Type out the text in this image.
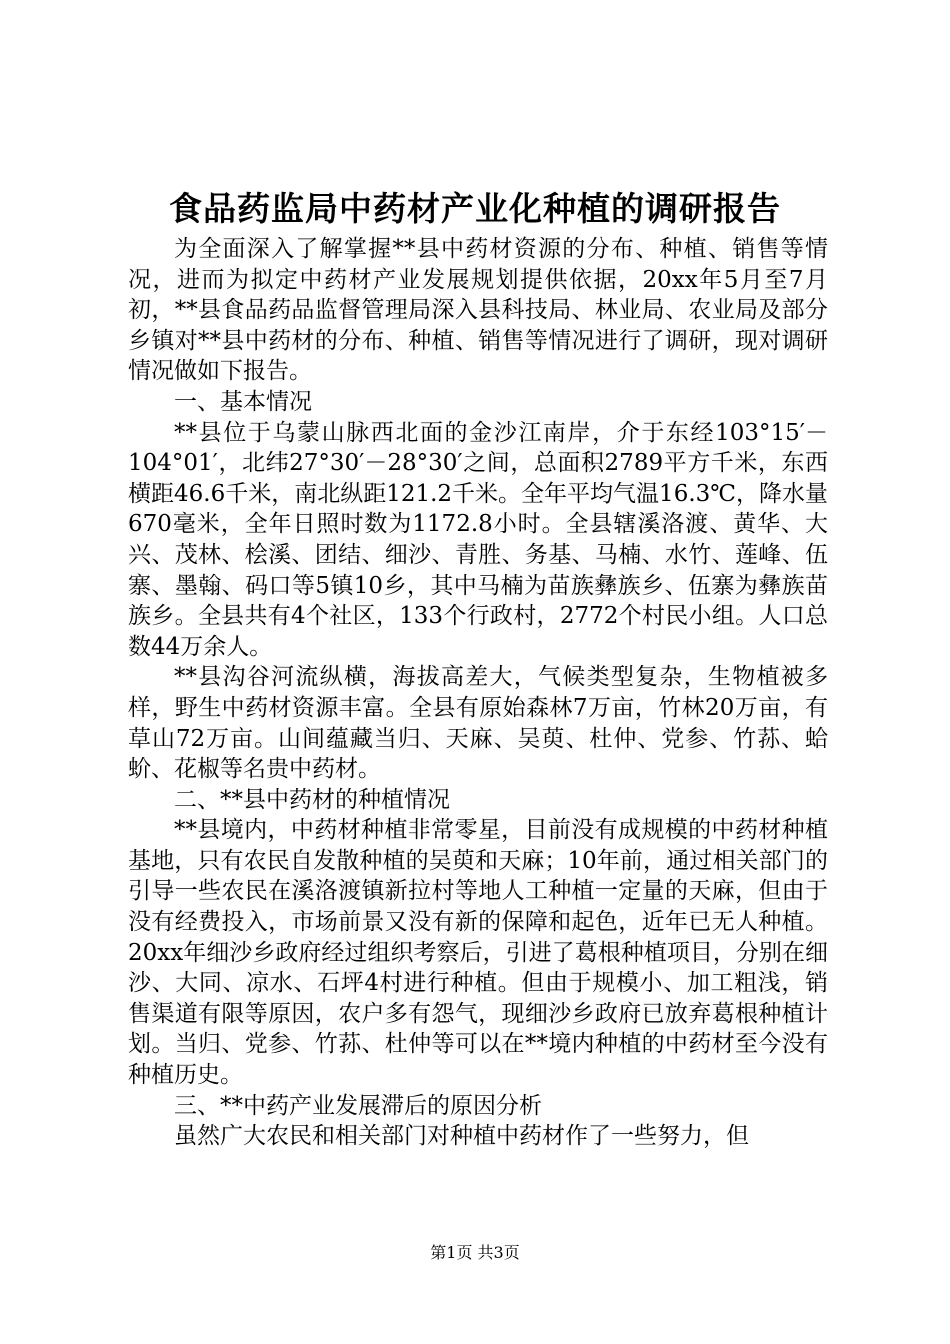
食品药监局中药材产业化种植的调研报告

为全面深入了解掌握**县中药材资源的分布、种植、销售等情况，进而为拟定中药材产业发展规划提供依据，20xx年5月至7月初，**县食品药品监督管理局深入县科技局、林业局、农业局及部分乡镇对**县中药材的分布、种植、销售等情况进行了调研，现对调研情况做如下报告。

一、基本情况

**县位于乌蒙山脉西北面的金沙江南岸，介于东经103°15′－104°01′，北纬27°30′－28°30′之间，总面积2789平方千米，东西横距46.6千米，南北纵距121.2千米。全年平均气温16.3℃，降水量670毫米，全年日照时数为1172.8小时。全县辖溪洛渡、黄华、大兴、茂林、桧溪、团结、细沙、青胜、务基、马楠、水竹、莲峰、伍寨、墨翰、码口等5镇10乡，其中马楠为苗族彝族乡、伍寨为彝族苗族乡。全县共有4个社区，133个行政村，2772个村民小组。人口总数44万余人。

**县沟谷河流纵横，海拔高差大，气候类型复杂，生物植被多样，野生中药材资源丰富。全县有原始森林7万亩，竹林20万亩，有草山72万亩。山间蕴藏当归、天麻、吴萸、杜仲、党参、竹荪、蛤蚧、花椒等名贵中药材。

二、**县中药材的种植情况

**县境内，中药材种植非常零星，目前没有成规模的中药材种植基地，只有农民自发散种植的吴萸和天麻；10年前，通过相关部门的引导一些农民在溪洛渡镇新拉村等地人工种植一定量的天麻，但由于没有经费投入，市场前景又没有新的保障和起色，近年已无人种植。20xx年细沙乡政府经过组织考察后，引进了葛根种植项目，分别在细沙、大同、凉水、石坪4村进行种植。但由于规模小、加工粗浅，销售渠道有限等原因，农户多有怨气，现细沙乡政府已放弃葛根种植计划。当归、党参、竹荪、杜仲等可以在**境内种植的中药材至今没有种植历史。

三、**中药产业发展滞后的原因分析

虽然广大农民和相关部门对种植中药材作了一些努力，但

第1页 共3页
